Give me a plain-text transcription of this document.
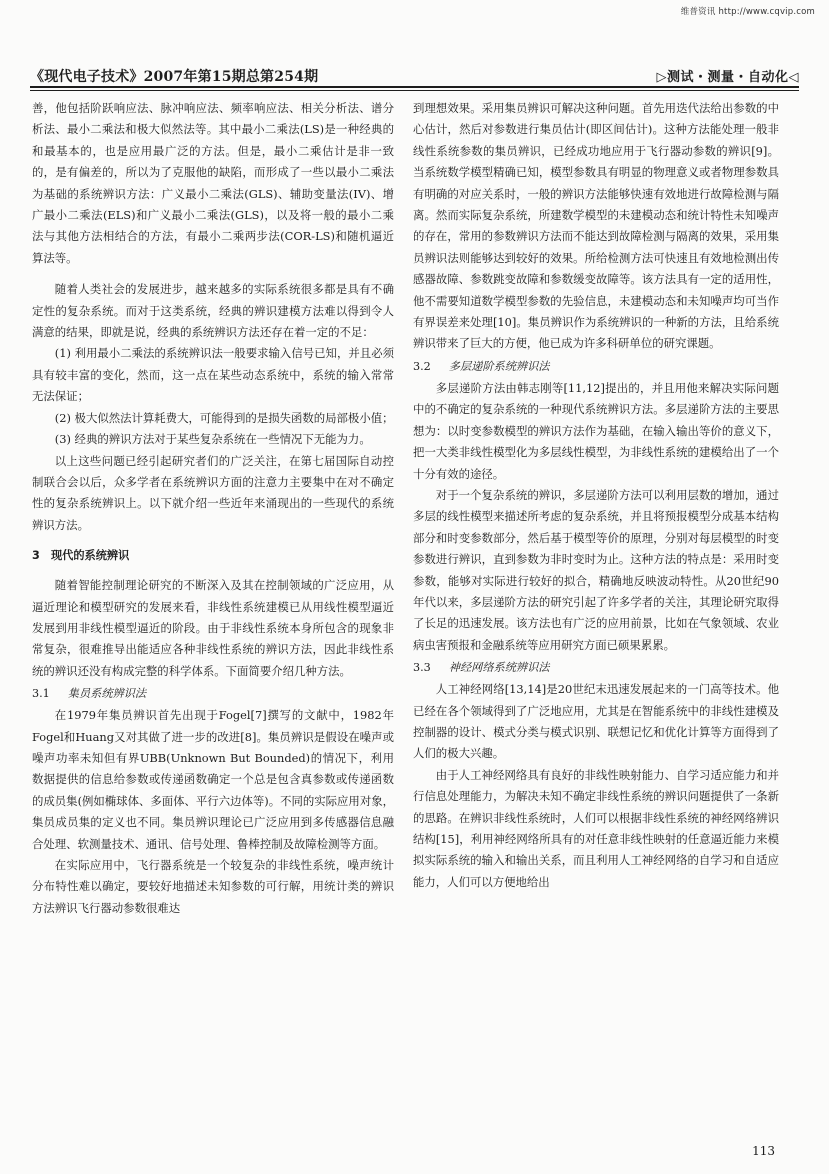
维普资讯 http://www.cqvip.com
《现代电子技术》2007年第15期总第254期	▷测试・测量・自动化◁

善，他包括阶跃响应法、脉冲响应法、频率响应法、相关分析法、谱分析法、最小二乘法和极大似然法等。其中最小二乘法(LS)是一种经典的和最基本的，也是应用最广泛的方法。但是，最小二乘估计是非一致的，是有偏差的，所以为了克服他的缺陷，而形成了一些以最小二乘法为基础的系统辨识方法：广义最小二乘法(GLS)、辅助变量法(IV)、增广最小二乘法(ELS)和广义最小二乘法(GLS)，以及将一般的最小二乘法与其他方法相结合的方法，有最小二乘两步法(COR-LS)和随机逼近算法等。

随着人类社会的发展进步，越来越多的实际系统很多都是具有不确定性的复杂系统。而对于这类系统，经典的辨识建模方法难以得到令人满意的结果，即就是说，经典的系统辨识方法还存在着一定的不足：

(1) 利用最小二乘法的系统辨识法一般要求输入信号已知，并且必须具有较丰富的变化，然而，这一点在某些动态系统中，系统的输入常常无法保证；

(2) 极大似然法计算耗费大，可能得到的是损失函数的局部极小值；

(3) 经典的辨识方法对于某些复杂系统在一些情况下无能为力。

以上这些问题已经引起研究者们的广泛关注，在第七届国际自动控制联合会以后，众多学者在系统辨识方面的注意力主要集中在对不确定性的复杂系统辨识上。以下就介绍一些近年来涌现出的一些现代的系统辨识方法。

3　现代的系统辨识

随着智能控制理论研究的不断深入及其在控制领域的广泛应用，从逼近理论和模型研究的发展来看，非线性系统建模已从用线性模型逼近发展到用非线性模型逼近的阶段。由于非线性系统本身所包含的现象非常复杂，很难推导出能适应各种非线性系统的辨识方法，因此非线性系统的辨识还没有构成完整的科学体系。下面简要介绍几种方法。

3.1 集员系统辨识法

在1979年集员辨识首先出现于Fogel[7]撰写的文献中，1982年Fogel和Huang又对其做了进一步的改进[8]。集员辨识是假设在噪声或噪声功率未知但有界UBB(Unknown But Bounded)的情况下，利用数据提供的信息给参数或传递函数确定一个总是包含真参数或传递函数的成员集(例如椭球体、多面体、平行六边体等)。不同的实际应用对象，集员成员集的定义也不同。集员辨识理论已广泛应用到多传感器信息融合处理、软测量技术、通讯、信号处理、鲁棒控制及故障检测等方面。

在实际应用中，飞行器系统是一个较复杂的非线性系统，噪声统计分布特性难以确定，要较好地描述未知参数的可行解，用统计类的辨识方法辨识飞行器动参数很难达

到理想效果。采用集员辨识可解决这种问题。首先用迭代法给出参数的中心估计，然后对参数进行集员估计(即区间估计)。这种方法能处理一般非线性系统参数的集员辨识，已经成功地应用于飞行器动参数的辨识[9]。当系统数学模型精确已知，模型参数具有明显的物理意义或者物理参数具有明确的对应关系时，一般的辨识方法能够快速有效地进行故障检测与隔离。然而实际复杂系统，所建数学模型的未建模动态和统计特性未知噪声的存在，常用的参数辨识方法而不能达到故障检测与隔离的效果，采用集员辨识法则能够达到较好的效果。所给检测方法可快速且有效地检测出传感器故障、参数跳变故障和参数缓变故障等。该方法具有一定的适用性，他不需要知道数学模型参数的先验信息，未建模动态和未知噪声均可当作有界误差来处理[10]。集员辨识作为系统辨识的一种新的方法，且给系统辨识带来了巨大的方便，他已成为许多科研单位的研究课题。

3.2 多层递阶系统辨识法

多层递阶方法由韩志刚等[11,12]提出的，并且用他来解决实际问题中的不确定的复杂系统的一种现代系统辨识方法。多层递阶方法的主要思想为：以时变参数模型的辨识方法作为基础，在输入输出等价的意义下，把一大类非线性模型化为多层线性模型，为非线性系统的建模给出了一个十分有效的途径。

对于一个复杂系统的辨识，多层递阶方法可以利用层数的增加，通过多层的线性模型来描述所考虑的复杂系统，并且将预报模型分成基本结构部分和时变参数部分，然后基于模型等价的原理，分别对每层模型的时变参数进行辨识，直到参数为非时变时为止。这种方法的特点是：采用时变参数，能够对实际进行较好的拟合，精确地反映波动特性。从20世纪90年代以来，多层递阶方法的研究引起了许多学者的关注，其理论研究取得了长足的迅速发展。该方法也有广泛的应用前景，比如在气象领域、农业病虫害预报和金融系统等应用研究方面已硕果累累。

3.3 神经网络系统辨识法

人工神经网络[13,14]是20世纪末迅速发展起来的一门高等技术。他已经在各个领域得到了广泛地应用，尤其是在智能系统中的非线性建模及控制器的设计、模式分类与模式识别、联想记忆和优化计算等方面得到了人们的极大兴趣。

由于人工神经网络具有良好的非线性映射能力、自学习适应能力和并行信息处理能力，为解决未知不确定非线性系统的辨识问题提供了一条新的思路。在辨识非线性系统时，人们可以根据非线性系统的神经网络辨识结构[15]，利用神经网络所具有的对任意非线性映射的任意逼近能力来模拟实际系统的输入和输出关系，而且利用人工神经网络的自学习和自适应能力，人们可以方便地给出

113
